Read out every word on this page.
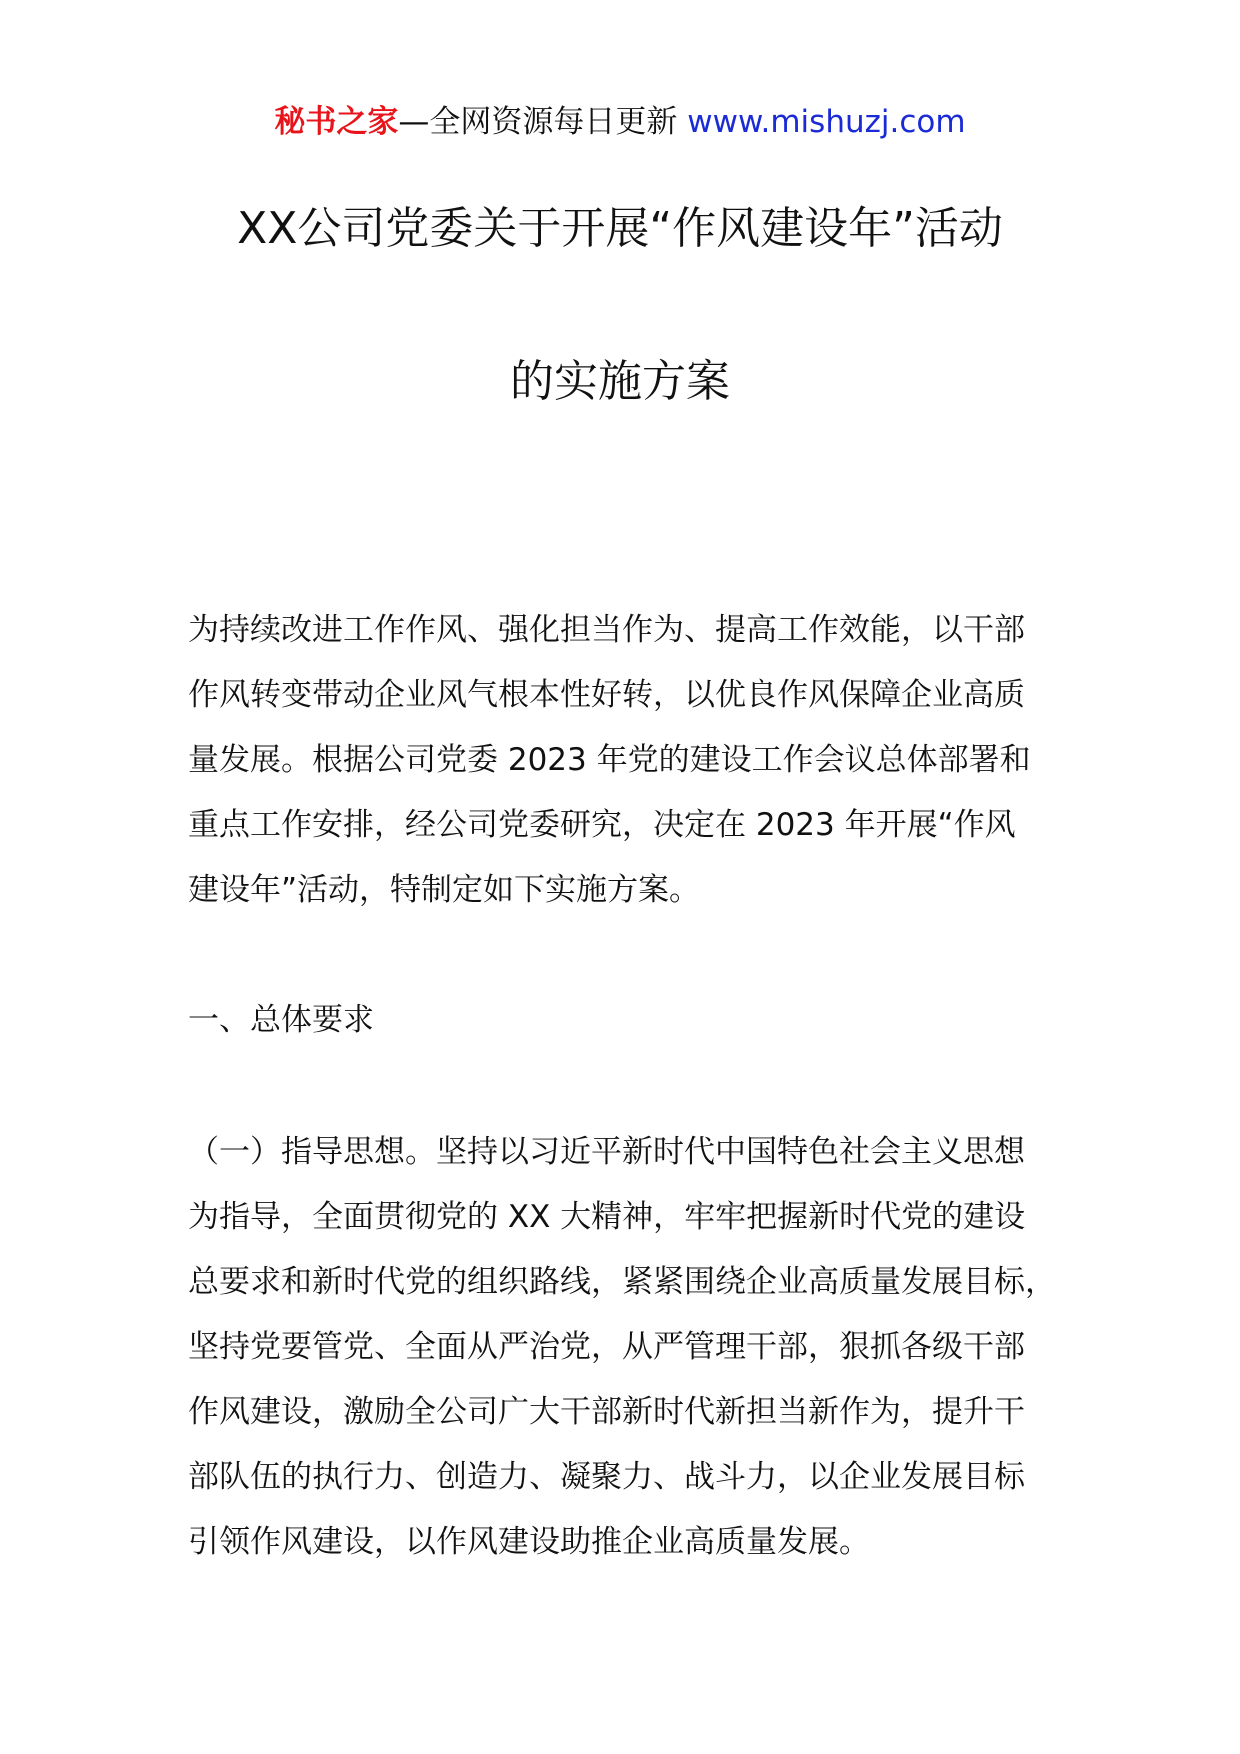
秘书之家—全网资源每日更新 www.mishuzj.com
XX公司党委关于开展“作风建设年”活动
的实施方案
为持续改进工作作风、强化担当作为、提高工作效能，以干部
作风转变带动企业风气根本性好转，以优良作风保障企业高质
量发展。根据公司党委 2023 年党的建设工作会议总体部署和
重点工作安排，经公司党委研究，决定在 2023 年开展“作风
建设年”活动，特制定如下实施方案。
一、总体要求
（一）指导思想。坚持以习近平新时代中国特色社会主义思想
为指导，全面贯彻党的 XX 大精神，牢牢把握新时代党的建设
总要求和新时代党的组织路线，紧紧围绕企业高质量发展目标，
坚持党要管党、全面从严治党，从严管理干部，狠抓各级干部
作风建设，激励全公司广大干部新时代新担当新作为，提升干
部队伍的执行力、创造力、凝聚力、战斗力，以企业发展目标
引领作风建设，以作风建设助推企业高质量发展。
